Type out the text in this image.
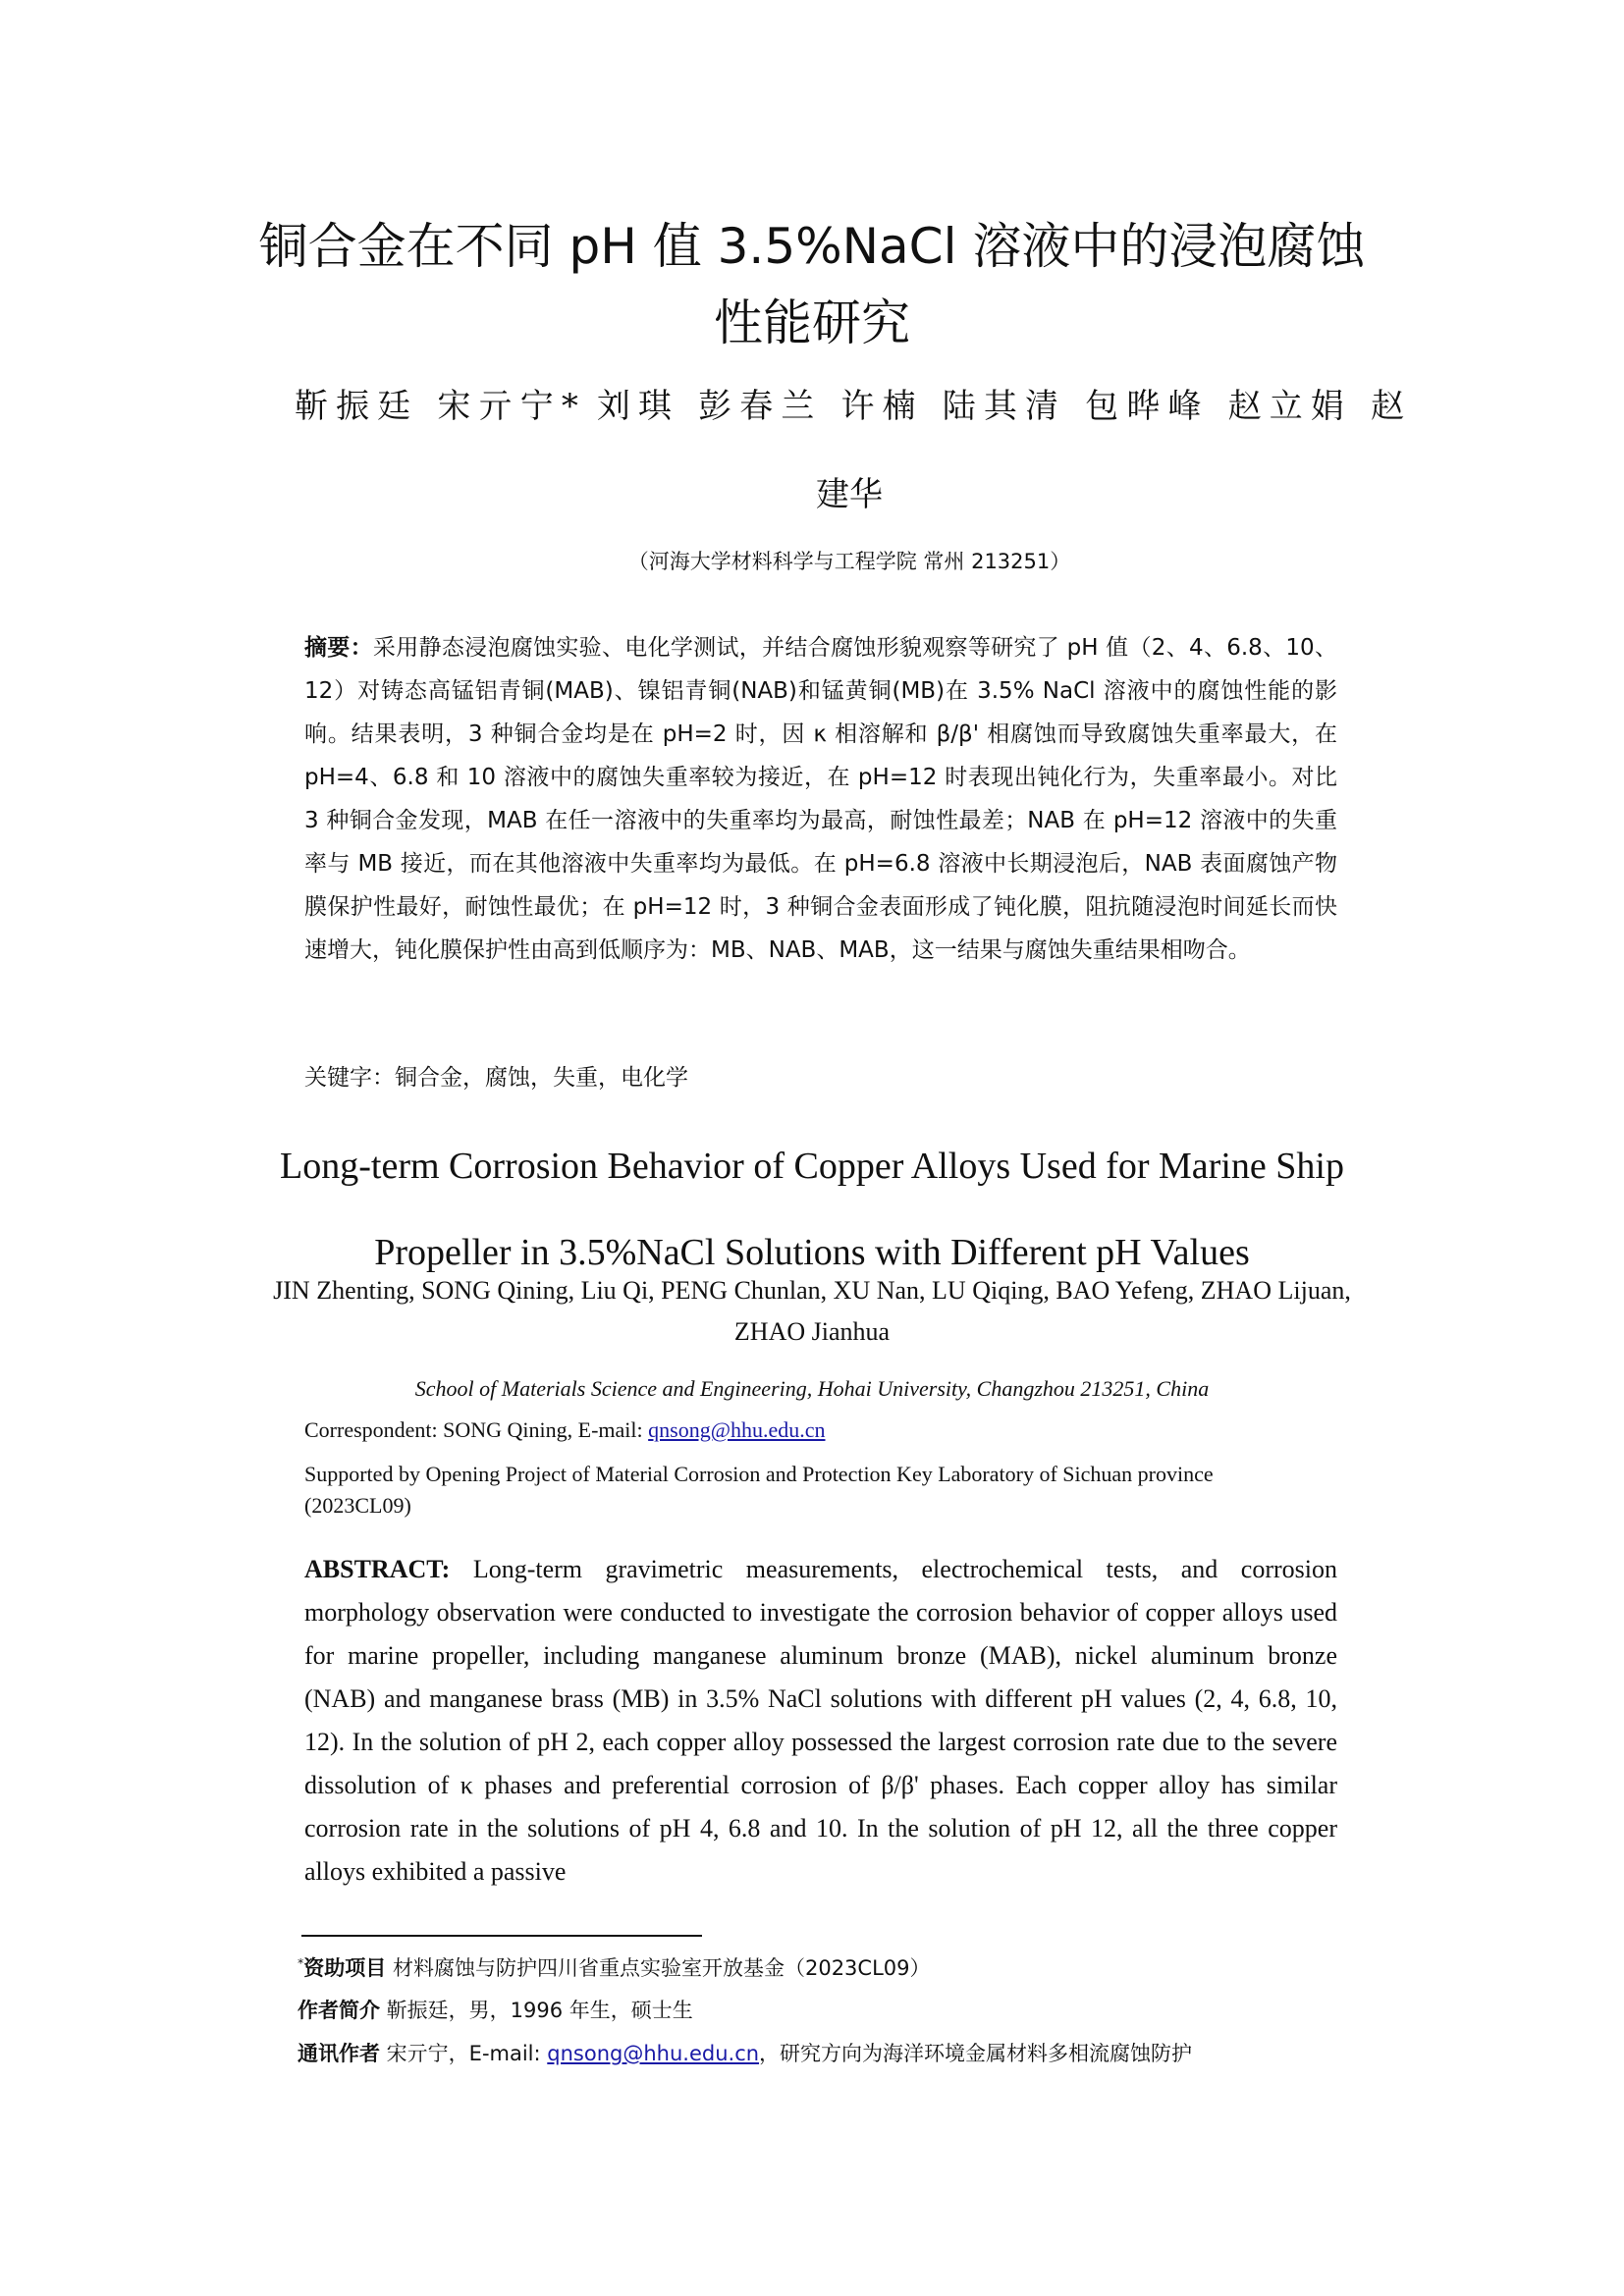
铜合金在不同 pH 值 3.5%NaCl 溶液中的浸泡腐蚀
性能研究
靳振廷 宋亓宁* 刘琪 彭春兰 许楠 陆其清 包晔峰 赵立娟 赵
建华
（河海大学材料科学与工程学院 常州 213251）
摘要：采用静态浸泡腐蚀实验、电化学测试，并结合腐蚀形貌观察等研究了 pH 值（2、4、6.8、10、12）对铸态高锰铝青铜(MAB)、镍铝青铜(NAB)和锰黄铜(MB)在 3.5% NaCl 溶液中的腐蚀性能的影响。结果表明，3 种铜合金均是在 pH=2 时，因 κ 相溶解和 β/β' 相腐蚀而导致腐蚀失重率最大，在 pH=4、6.8 和 10 溶液中的腐蚀失重率较为接近，在 pH=12 时表现出钝化行为，失重率最小。对比 3 种铜合金发现，MAB 在任一溶液中的失重率均为最高，耐蚀性最差；NAB 在 pH=12 溶液中的失重率与 MB 接近，而在其他溶液中失重率均为最低。在 pH=6.8 溶液中长期浸泡后，NAB 表面腐蚀产物膜保护性最好，耐蚀性最优；在 pH=12 时，3 种铜合金表面形成了钝化膜，阻抗随浸泡时间延长而快速增大，钝化膜保护性由高到低顺序为：MB、NAB、MAB，这一结果与腐蚀失重结果相吻合。
关键字：铜合金，腐蚀，失重，电化学
Long-term Corrosion Behavior of Copper Alloys Used for Marine Ship
Propeller in 3.5%NaCl Solutions with Different pH Values
JIN Zhenting, SONG Qining, Liu Qi, PENG Chunlan, XU Nan, LU Qiqing, BAO Yefeng, ZHAO Lijuan, ZHAO Jianhua
School of Materials Science and Engineering, Hohai University, Changzhou 213251, China
Correspondent: SONG Qining, E-mail: qnsong@hhu.edu.cn
Supported by Opening Project of Material Corrosion and Protection Key Laboratory of Sichuan province
(2023CL09)
ABSTRACT: Long-term gravimetric measurements, electrochemical tests, and corrosion morphology observation were conducted to investigate the corrosion behavior of copper alloys used for marine propeller, including manganese aluminum bronze (MAB), nickel aluminum bronze (NAB) and manganese brass (MB) in 3.5% NaCl solutions with different pH values (2, 4, 6.8, 10, 12). In the solution of pH 2, each copper alloy possessed the largest corrosion rate due to the severe dissolution of κ phases and preferential corrosion of β/β' phases. Each copper alloy has similar corrosion rate in the solutions of pH 4, 6.8 and 10. In the solution of pH 12, all the three copper alloys exhibited a passive
*资助项目 材料腐蚀与防护四川省重点实验室开放基金（2023CL09）
作者简介 靳振廷，男，1996 年生，硕士生
通讯作者 宋亓宁，E-mail: qnsong@hhu.edu.cn，研究方向为海洋环境金属材料多相流腐蚀防护
